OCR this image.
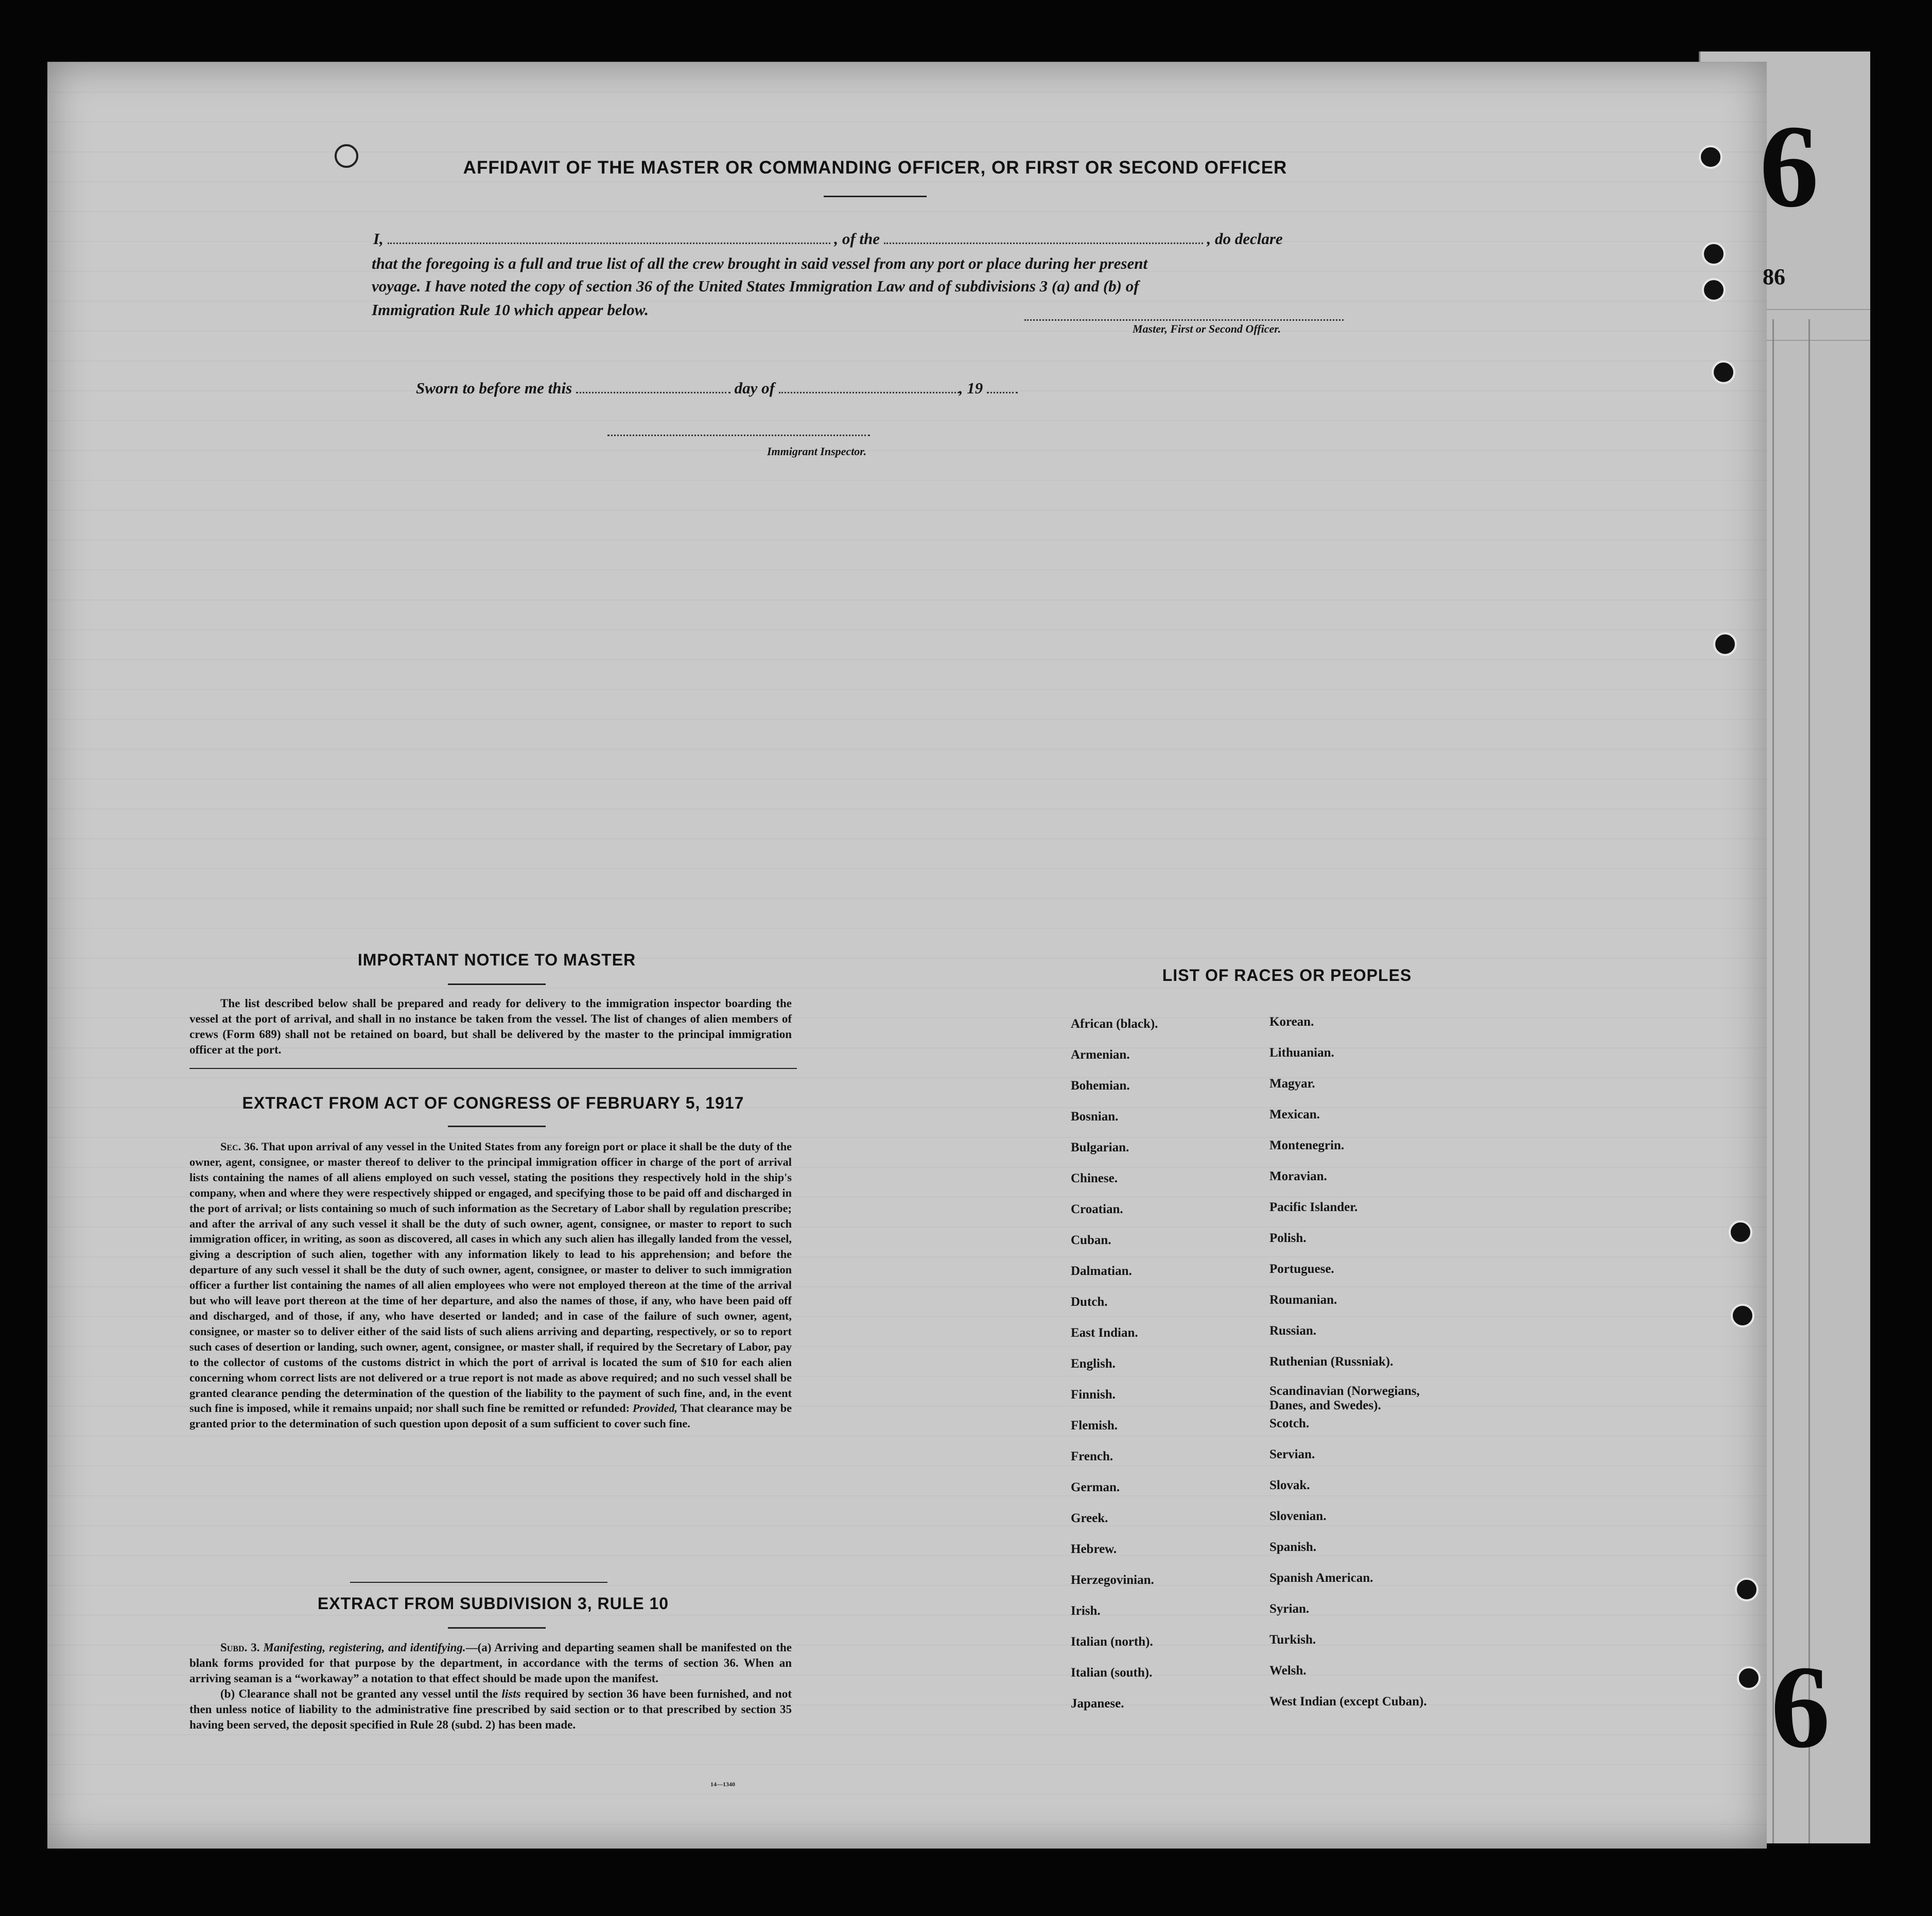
6
6
86
AFFIDAVIT OF THE MASTER OR COMMANDING OFFICER, OR FIRST OR SECOND OFFICER
I,	, of the	, do declare
that the foregoing is a full and true list of all the crew brought in said vessel from any port or place during her present
voyage. I have noted the copy of section 36 of the United States Immigration Law and of subdivisions 3 (a) and (b) of
Immigration Rule 10 which appear below.
Master, First or Second Officer.
Sworn to before me this	day of	, 19
Immigrant Inspector.
IMPORTANT NOTICE TO MASTER

The list described below shall be prepared and ready for delivery to the immigration inspector boarding the vessel at the port of arrival, and shall in no instance be taken from the vessel. The list of changes of alien members of crews (Form 689) shall not be retained on board, but shall be delivered by the master to the principal immigration officer at the port.

EXTRACT FROM ACT OF CONGRESS OF FEBRUARY 5, 1917

Sec. 36. That upon arrival of any vessel in the United States from any foreign port or place it shall be the duty of the owner, agent, consignee, or master thereof to deliver to the principal immigration officer in charge of the port of arrival lists containing the names of all aliens employed on such vessel, stating the positions they respectively hold in the ship's company, when and where they were respectively shipped or engaged, and specifying those to be paid off and discharged in the port of arrival; or lists containing so much of such information as the Secretary of Labor shall by regulation prescribe; and after the arrival of any such vessel it shall be the duty of such owner, agent, consignee, or master to report to such immigration officer, in writing, as soon as discovered, all cases in which any such alien has illegally landed from the vessel, giving a description of such alien, together with any information likely to lead to his apprehension; and before the departure of any such vessel it shall be the duty of such owner, agent, consignee, or master to deliver to such immigration officer a further list containing the names of all alien employees who were not employed thereon at the time of the arrival but who will leave port thereon at the time of her departure, and also the names of those, if any, who have been paid off and discharged, and of those, if any, who have deserted or landed; and in case of the failure of such owner, agent, consignee, or master so to deliver either of the said lists of such aliens arriving and departing, respectively, or so to report such cases of desertion or landing, such owner, agent, consignee, or master shall, if required by the Secretary of Labor, pay to the collector of customs of the customs district in which the port of arrival is located the sum of $10 for each alien concerning whom correct lists are not delivered or a true report is not made as above required; and no such vessel shall be granted clearance pending the determination of the question of the liability to the payment of such fine, and, in the event such fine is imposed, while it remains unpaid; nor shall such fine be remitted or refunded: Provided, That clearance may be granted prior to the determination of such question upon deposit of a sum sufficient to cover such fine.

EXTRACT FROM SUBDIVISION 3, RULE 10

Subd. 3. Manifesting, registering, and identifying.—(a) Arriving and departing seamen shall be manifested on the blank forms provided for that purpose by the department, in accordance with the terms of section 36. When an arriving seaman is a “workaway” a notation to that effect should be made upon the manifest.

(b) Clearance shall not be granted any vessel until the lists required by section 36 have been furnished, and not then unless notice of liability to the administrative fine prescribed by said section or to that prescribed by section 35 having been served, the deposit specified in Rule 28 (subd. 2) has been made.

14—1340
LIST OF RACES OR PEOPLES
African (black).
Armenian.
Bohemian.
Bosnian.
Bulgarian.
Chinese.
Croatian.
Cuban.
Dalmatian.
Dutch.
East Indian.
English.
Finnish.
Flemish.
French.
German.
Greek.
Hebrew.
Herzegovinian.
Irish.
Italian (north).
Italian (south).
Japanese.
Korean.
Lithuanian.
Magyar.
Mexican.
Montenegrin.
Moravian.
Pacific Islander.
Polish.
Portuguese.
Roumanian.
Russian.
Ruthenian (Russniak).
Scandinavian (Norwegians, Danes, and Swedes).
Scotch.
Servian.
Slovak.
Slovenian.
Spanish.
Spanish American.
Syrian.
Turkish.
Welsh.
West Indian (except Cuban).
